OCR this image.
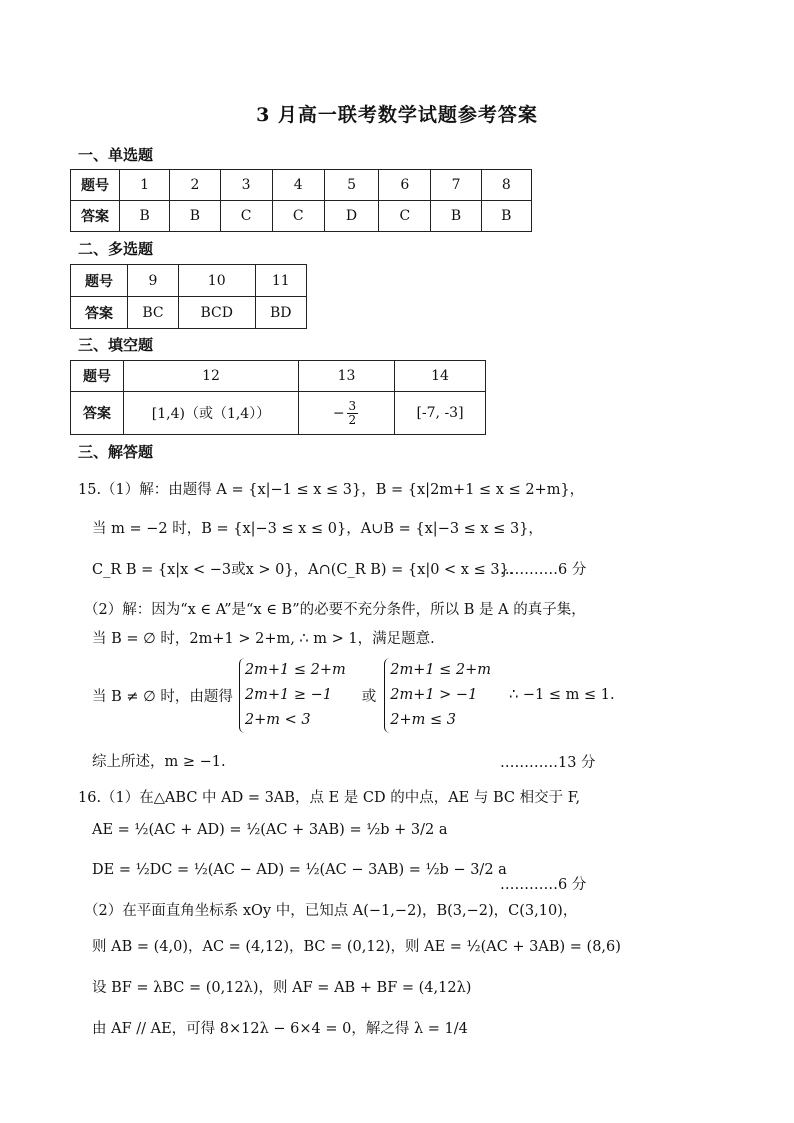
3 月高一联考数学试题参考答案
一、单选题
题号	1	2	3	4	5	6	7	8
答案	B	B	C	C	D	C	B	B
二、多选题
题号	9	10	11
答案	BC	BCD	BD
三、填空题
题号	12	13	14
答案	[1,4)（或（1,4））	− $\frac{3}{2}$	[-7, -3]
三、解答题
15.（1）解：由题得 A = {x|−1 ≤ x ≤ 3}，B = {x|2m+1 ≤ x ≤ 2+m}，
当 m = −2 时，B = {x|−3 ≤ x ≤ 0}，A∪B = {x|−3 ≤ x ≤ 3}，
C_R B = {x|x < −3或x > 0}，A∩(C_R B) = {x|0 < x ≤ 3}.
…………6 分
（2）解：因为“x ∈ A”是“x ∈ B”的必要不充分条件，所以 B 是 A 的真子集，
当 B = ∅ 时，2m+1 > 2+m, ∴ m > 1，满足题意.
当 B ≠ ∅ 时，由题得
2m+1 ≤ 2+m
2m+1 ≥ −1
2+m < 3
或
2m+1 ≤ 2+m
2m+1 > −1
2+m ≤ 3
∴ −1 ≤ m ≤ 1.
综上所述，m ≥ −1.	…………13 分
16.（1）在△ABC 中 AD = 3AB，点 E 是 CD 的中点，AE 与 BC 相交于 F,
AE = ½(AC + AD) = ½(AC + 3AB) = ½b + 3/2 a
DE = ½DC = ½(AC − AD) = ½(AC − 3AB) = ½b − 3/2 a
…………6 分
（2）在平面直角坐标系 xOy 中，已知点 A(−1,−2)，B(3,−2)，C(3,10)，
则 AB = (4,0)，AC = (4,12)，BC = (0,12)，则 AE = ½(AC + 3AB) = (8,6)
设 BF = λBC = (0,12λ)，则 AF = AB + BF = (4,12λ)
由 AF // AE，可得 8×12λ − 6×4 = 0，解之得 λ = 1/4
